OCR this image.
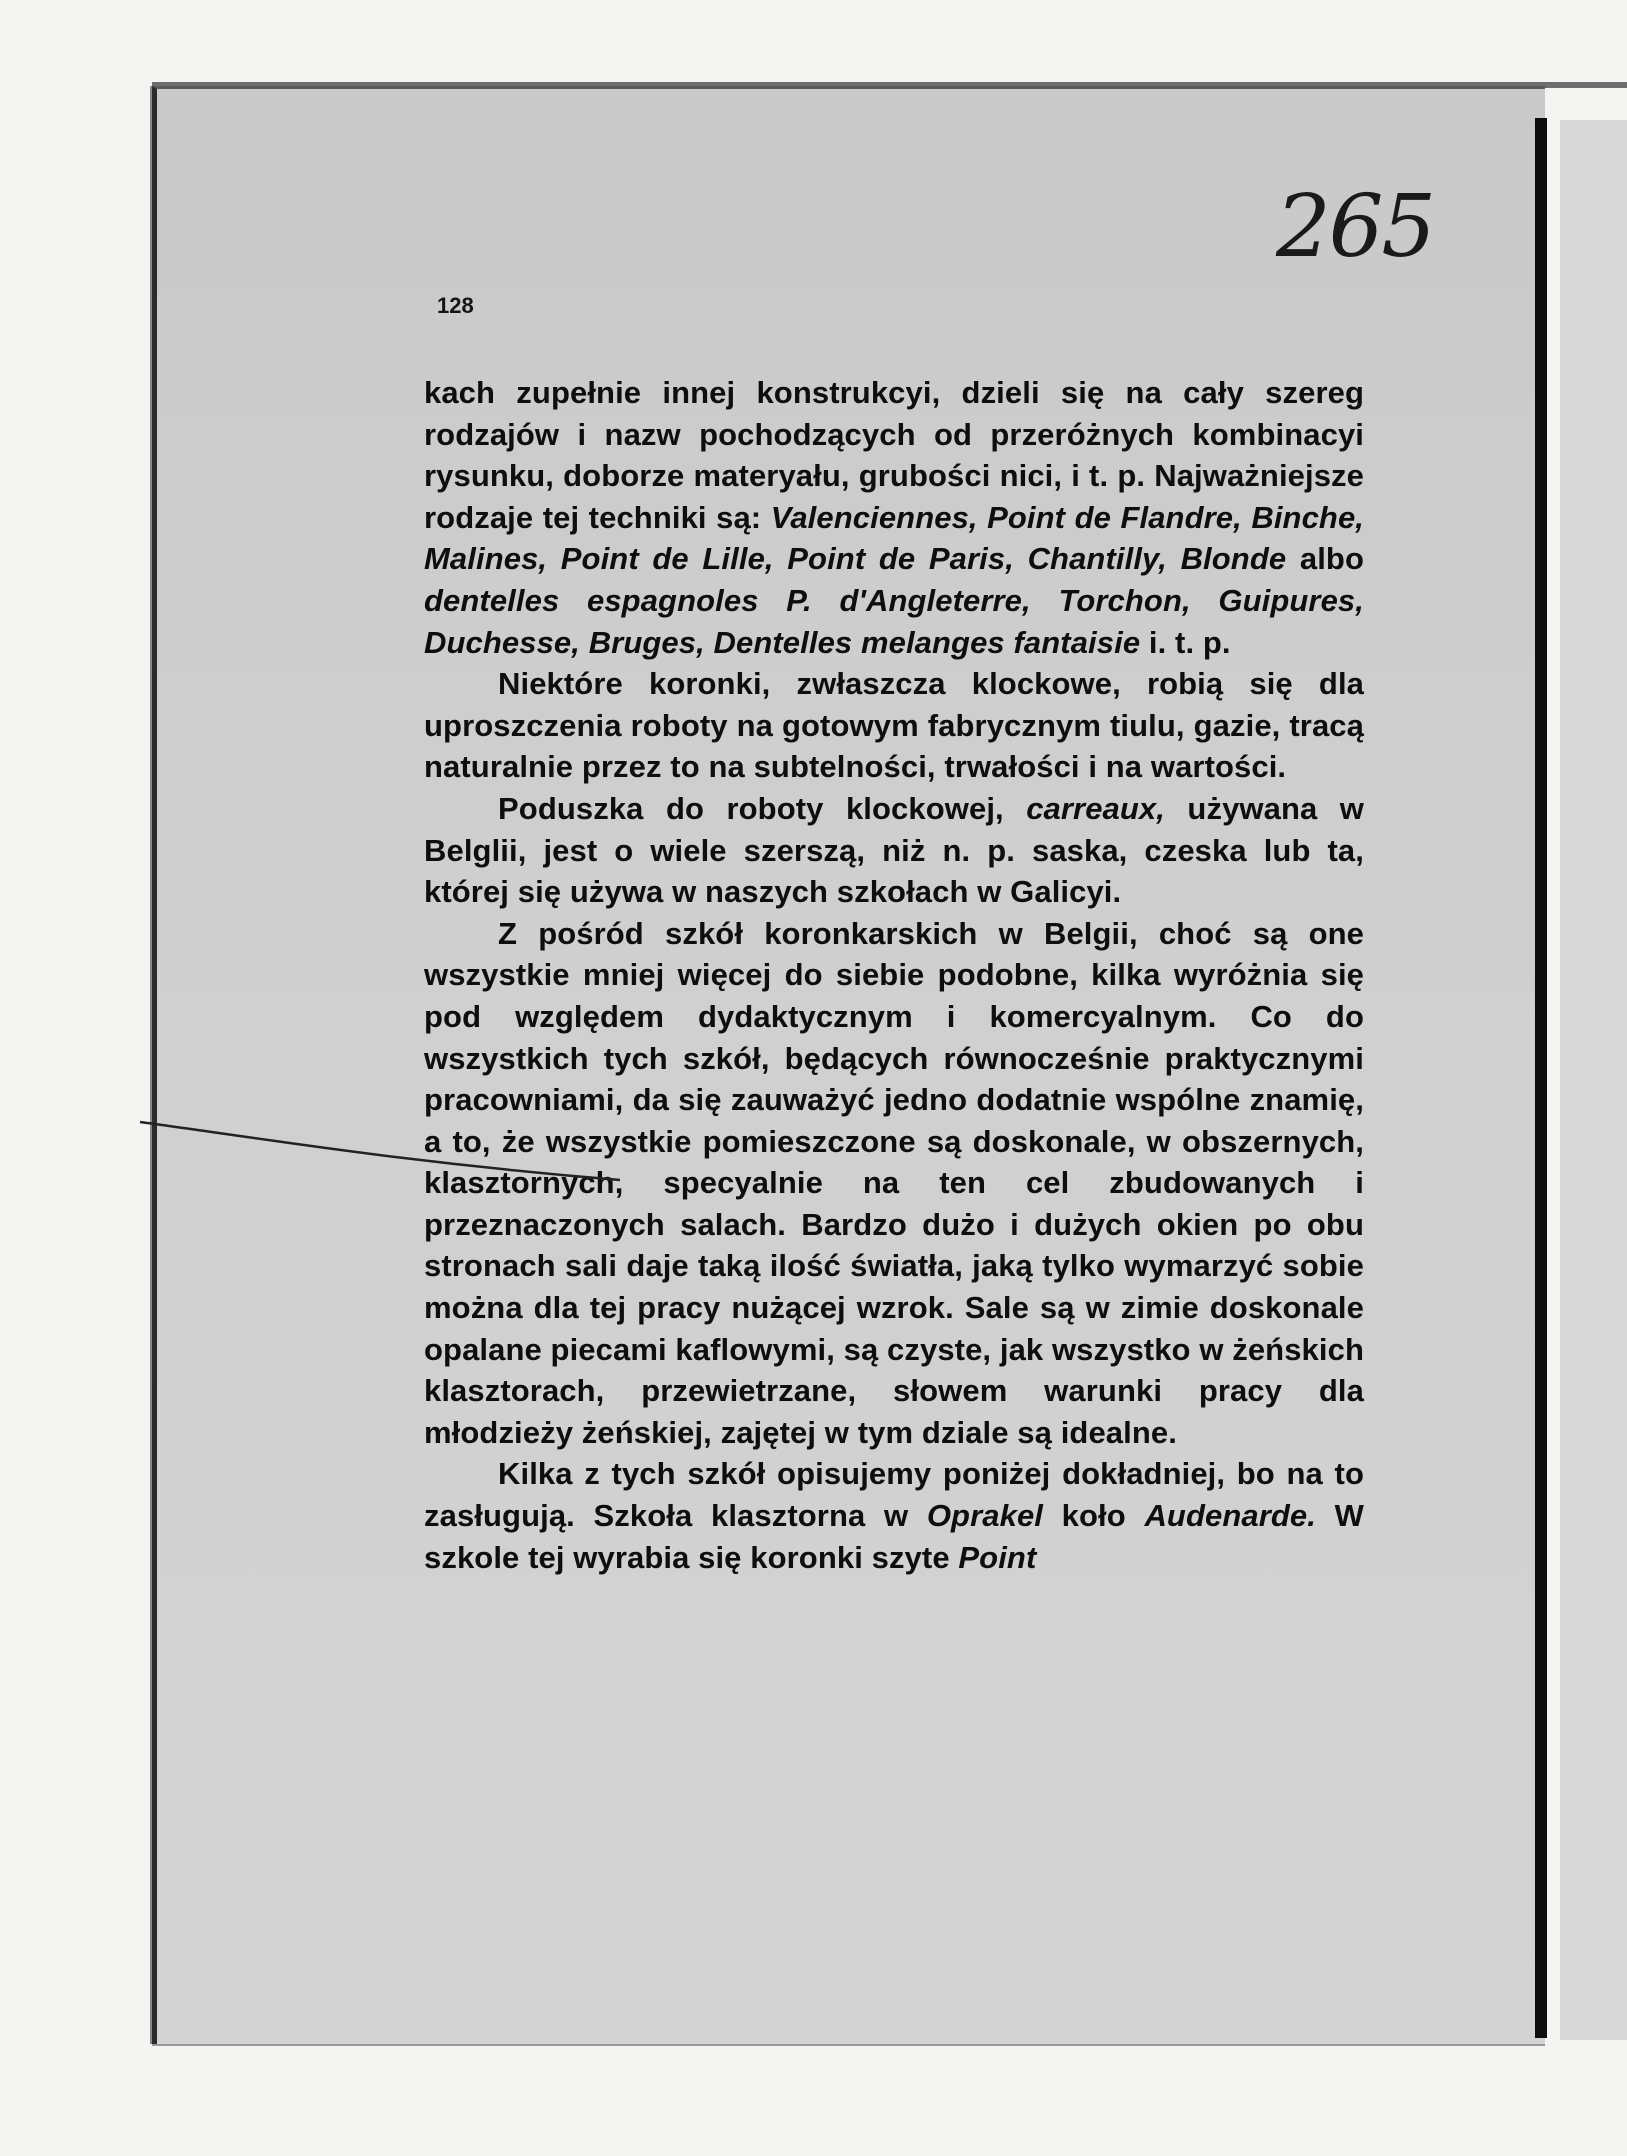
265
128

kach zupełnie innej konstrukcyi, dzieli się na cały szereg rodzajów i nazw pochodzących od przeróżnych kombinacyi rysunku, doborze materyału, grubości nici, i t. p. Najważniejsze rodzaje tej techniki są: Valenciennes, Point de Flandre, Binche, Malines, Point de Lille, Point de Paris, Chantilly, Blonde albo dentelles espagnoles P. d'Angleterre, Torchon, Guipures, Duchesse, Bruges, Dentelles melanges fantaisie i. t. p.

Niektóre koronki, zwłaszcza klockowe, robią się dla uproszczenia roboty na gotowym fabrycznym tiulu, gazie, tracą naturalnie przez to na subtelności, trwałości i na wartości.

Poduszka do roboty klockowej, carreaux, używana w Belglii, jest o wiele szerszą, niż n. p. saska, czeska lub ta, której się używa w naszych szkołach w Galicyi.

Z pośród szkół koronkarskich w Belgii, choć są one wszystkie mniej więcej do siebie podobne, kilka wyróżnia się pod względem dydaktycznym i komercyalnym. Co do wszystkich tych szkół, będących równocześnie praktycznymi pracowniami, da się zauważyć jedno dodatnie wspólne znamię, a to, że wszystkie pomieszczone są doskonale, w obszernych, klasztornych, specyalnie na ten cel zbudowanych i przeznaczonych salach. Bardzo dużo i dużych okien po obu stronach sali daje taką ilość światła, jaką tylko wymarzyć sobie można dla tej pracy nużącej wzrok. Sale są w zimie doskonale opalane piecami kaflowymi, są czyste, jak wszystko w żeńskich klasztorach, przewietrzane, słowem warunki pracy dla młodzieży żeńskiej, zajętej w tym dziale są idealne.

Kilka z tych szkół opisujemy poniżej dokładniej, bo na to zasługują. Szkoła klasztorna w Oprakel koło Audenarde. W szkole tej wyrabia się koronki szyte Point
